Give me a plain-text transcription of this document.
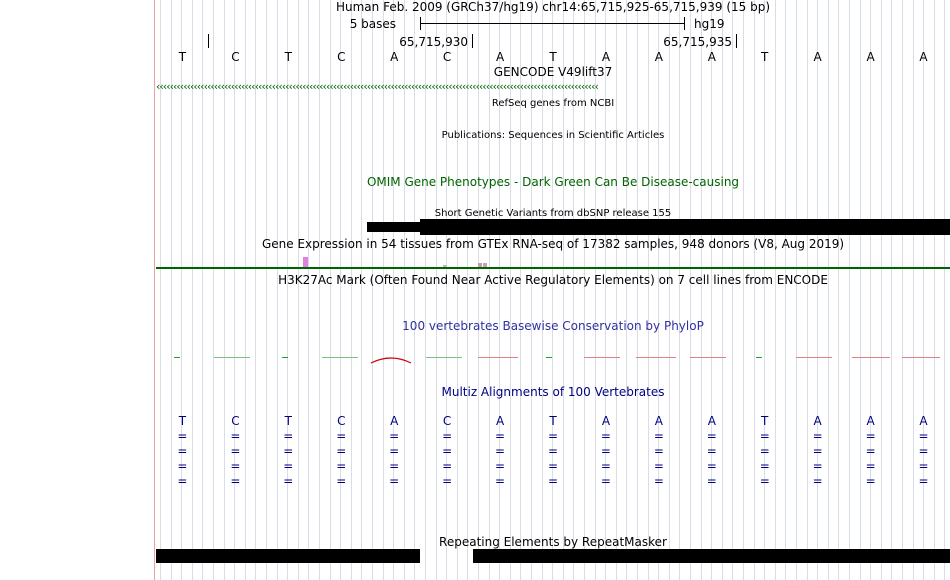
Human Feb. 2009 (GRCh37/hg19) chr14:65,715,925-65,715,939 (15 bp)
5 bases	hg19
65,715,930	65,715,935
T	C	T	C	A	C	A	T	A	A	A	T	A	A	A
GENCODE V49lift37
‹‹‹‹‹‹‹‹‹‹‹‹‹‹‹‹‹‹‹‹‹‹‹‹‹‹‹‹‹‹‹‹‹‹‹‹‹‹‹‹‹‹‹‹‹‹‹‹‹‹‹‹‹‹‹‹‹‹‹‹‹‹‹‹‹‹‹‹‹‹‹‹‹‹‹‹‹‹‹‹‹‹‹‹‹‹‹‹‹‹‹‹‹‹‹‹‹‹‹‹‹‹‹‹‹‹‹‹‹‹‹‹‹‹‹‹‹‹‹‹‹‹‹‹‹‹‹‹‹‹
RefSeq genes from NCBI
Publications: Sequences in Scientific Articles
OMIM Gene Phenotypes - Dark Green Can Be Disease-causing
Short Genetic Variants from dbSNP release 155
Gene Expression in 54 tissues from GTEx RNA-seq of 17382 samples, 948 donors (V8, Aug 2019)
H3K27Ac Mark (Often Found Near Active Regulatory Elements) on 7 cell lines from ENCODE
100 vertebrates Basewise Conservation by PhyloP
Multiz Alignments of 100 Vertebrates
T	C	T	C	A	C	A	T	A	A	A	T	A	A	A
=	=	=	=	=	=	=	=	=	=	=	=	=	=	=
=	=	=	=	=	=	=	=	=	=	=	=	=	=	=
=	=	=	=	=	=	=	=	=	=	=	=	=	=	=
=	=	=	=	=	=	=	=	=	=	=	=	=	=	=
Repeating Elements by RepeatMasker
